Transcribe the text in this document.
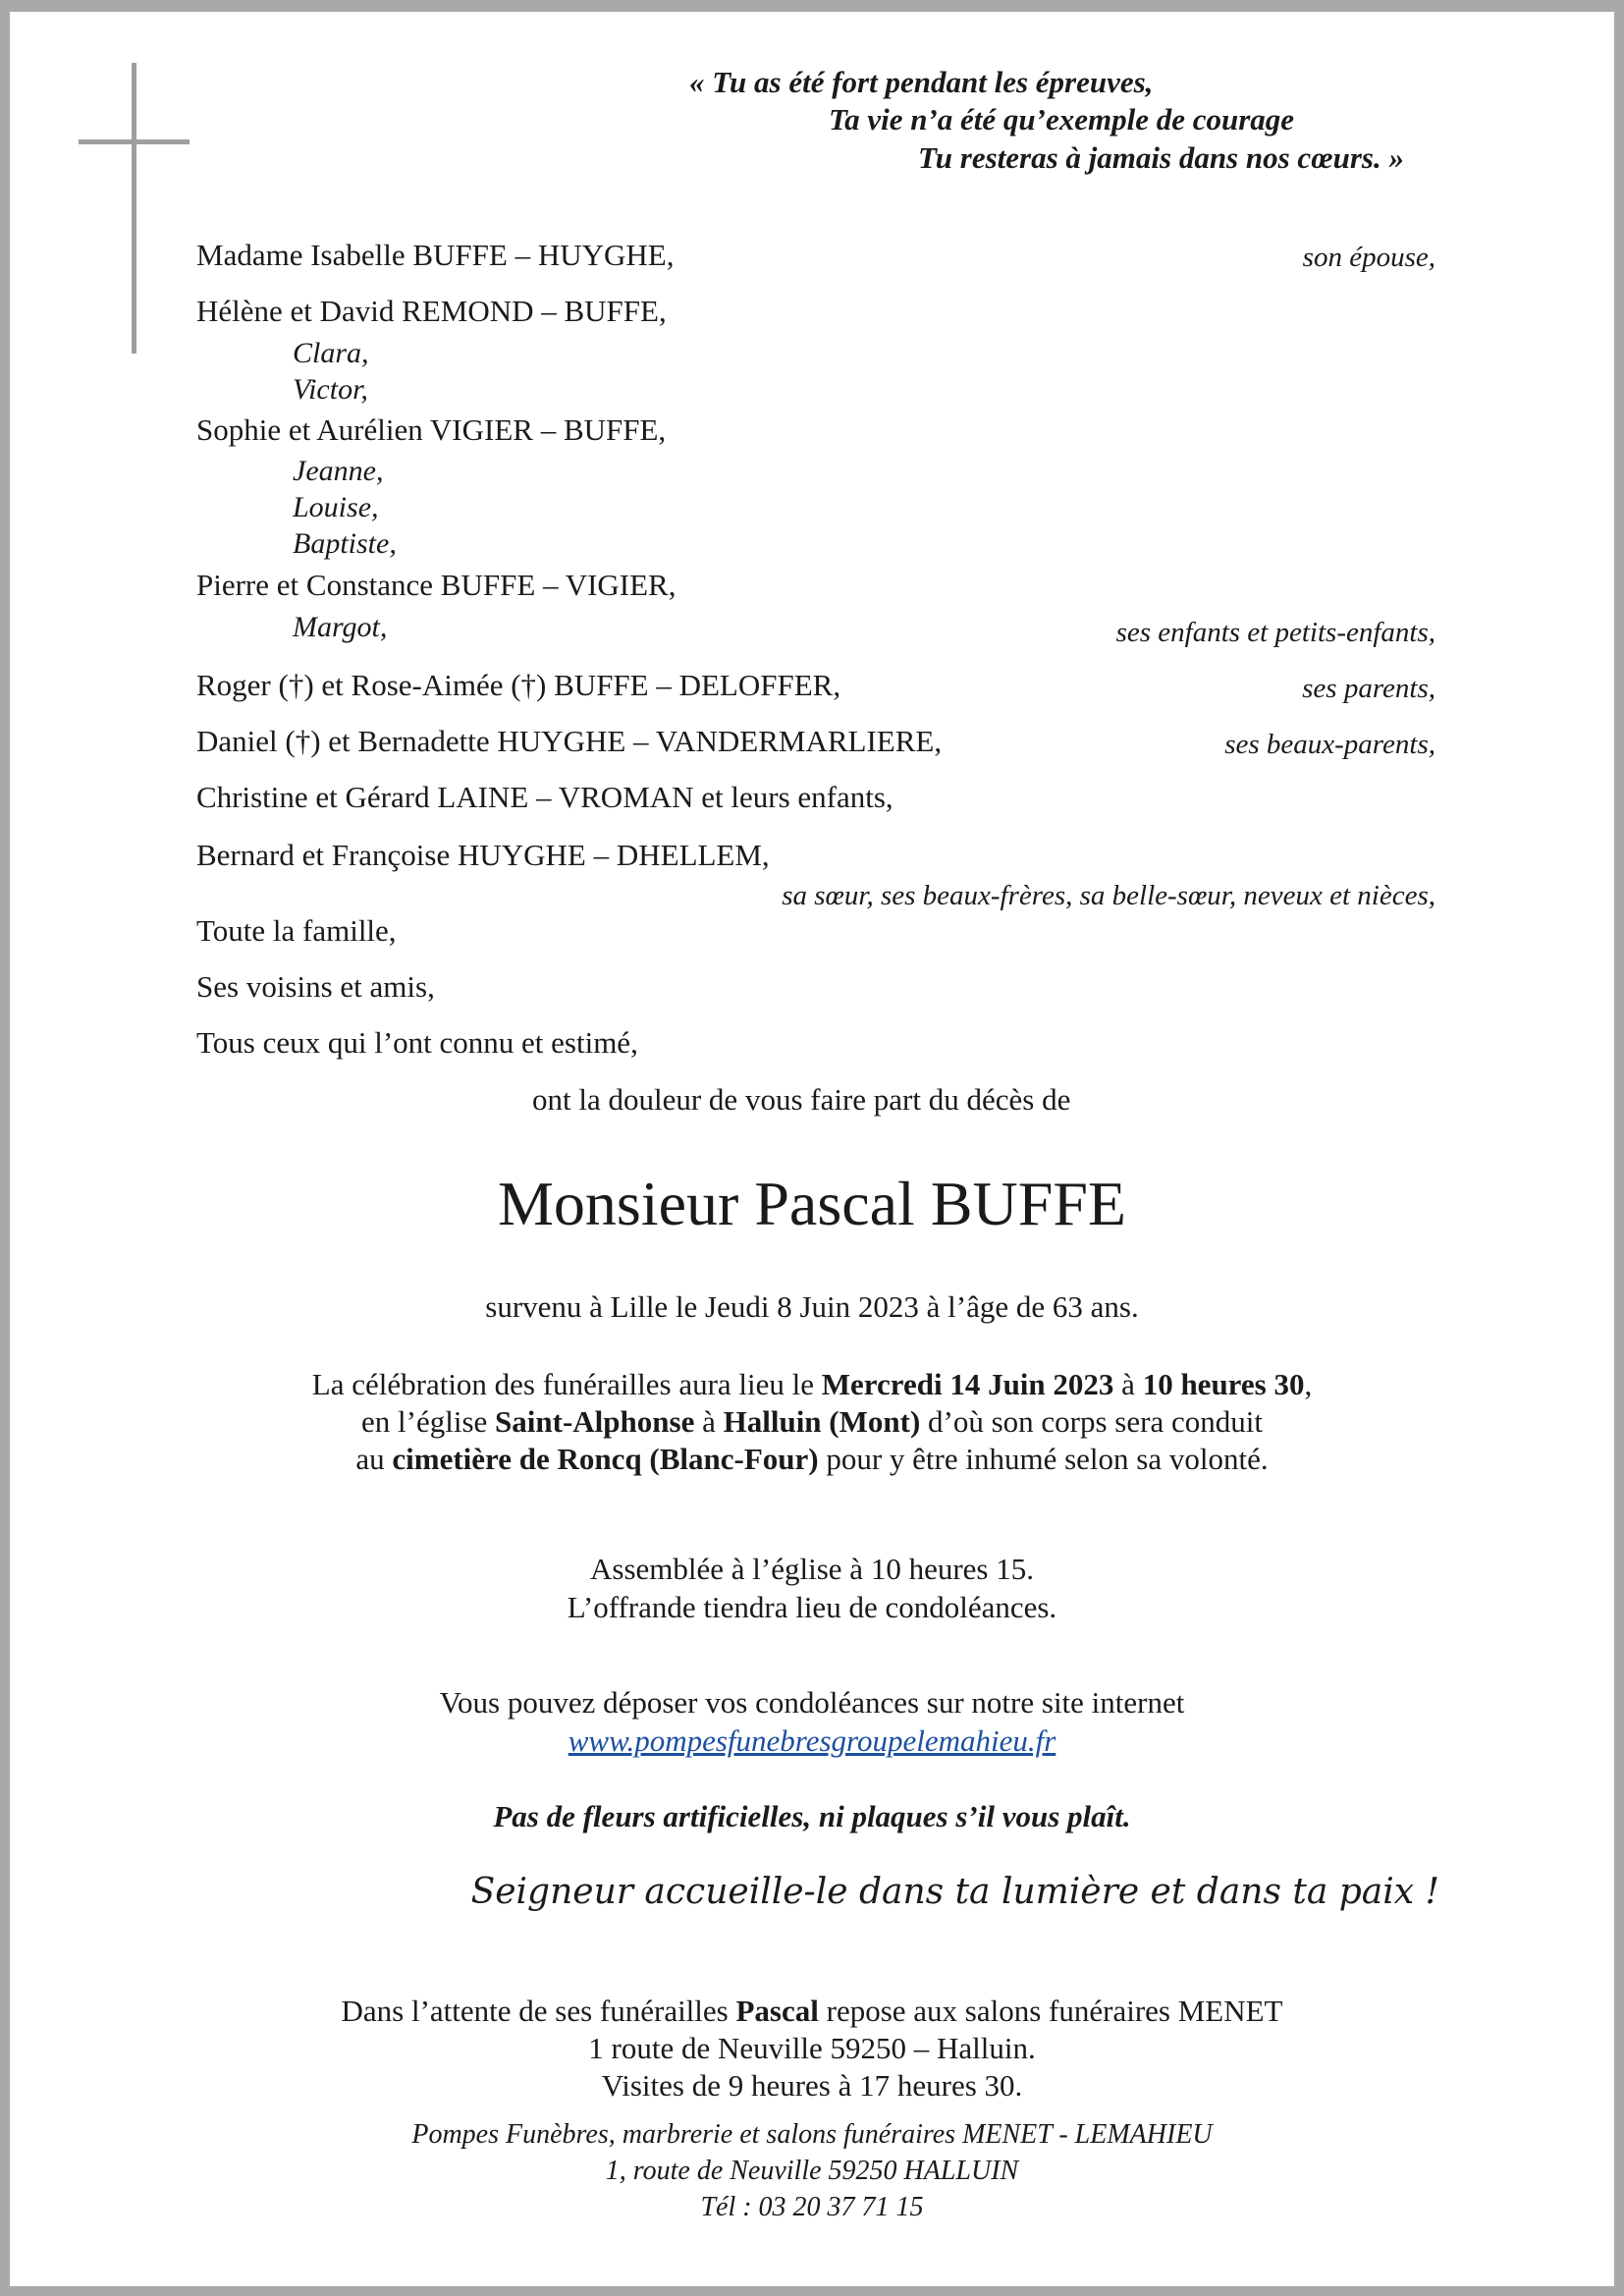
« Tu as été fort pendant les épreuves,
Ta vie n’a été qu’exemple de courage
Tu resteras à jamais dans nos cœurs. »
Madame Isabelle BUFFE – HUYGHE,	son épouse,
Hélène et David REMOND – BUFFE,
Clara,
Victor,
Sophie et Aurélien VIGIER – BUFFE,
Jeanne,
Louise,
Baptiste,
Pierre et Constance BUFFE – VIGIER,
Margot,	ses enfants et petits-enfants,
Roger (†) et Rose-Aimée (†) BUFFE – DELOFFER,	ses parents,
Daniel (†) et Bernadette HUYGHE – VANDERMARLIERE,	ses beaux-parents,
Christine et Gérard LAINE – VROMAN et leurs enfants,
Bernard et Françoise HUYGHE – DHELLEM,
sa sœur, ses beaux-frères, sa belle-sœur, neveux et nièces,
Toute la famille,
Ses voisins et amis,
Tous ceux qui l’ont connu et estimé,
ont la douleur de vous faire part du décès de
Monsieur Pascal BUFFE
survenu à Lille le Jeudi 8 Juin 2023 à l’âge de 63 ans.
La célébration des funérailles aura lieu le Mercredi 14 Juin 2023 à 10 heures 30,
en l’église Saint-Alphonse à Halluin (Mont) d’où son corps sera conduit
au cimetière de Roncq (Blanc-Four) pour y être inhumé selon sa volonté.
Assemblée à l’église à 10 heures 15.
L’offrande tiendra lieu de condoléances.
Vous pouvez déposer vos condoléances sur notre site internet
www.pompesfunebresgroupelemahieu.fr
Pas de fleurs artificielles, ni plaques s’il vous plaît.
Seigneur accueille-le dans ta lumière et dans ta paix !
Dans l’attente de ses funérailles Pascal repose aux salons funéraires MENET
1 route de Neuville 59250 – Halluin.
Visites de 9 heures à 17 heures 30.
Pompes Funèbres, marbrerie et salons funéraires MENET - LEMAHIEU
1, route de Neuville 59250 HALLUIN
Tél : 03 20 37 71 15
